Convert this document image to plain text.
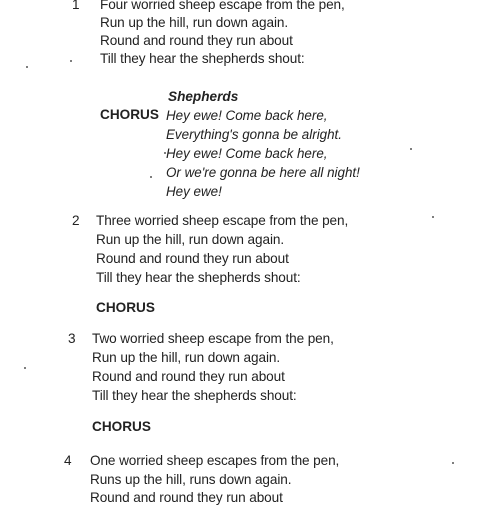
1 Four worried sheep escape from the pen,
Run up the hill, run down again.
Round and round they run about
Till they hear the shepherds shout:
Shepherds
CHORUS Hey ewe! Come back here,
Everything's gonna be alright.
Hey ewe! Come back here,
Or we're gonna be here all night!
Hey ewe!
2 Three worried sheep escape from the pen,
Run up the hill, run down again.
Round and round they run about
Till they hear the shepherds shout:
CHORUS
3 Two worried sheep escape from the pen,
Run up the hill, run down again.
Round and round they run about
Till they hear the shepherds shout:
CHORUS
4 One worried sheep escapes from the pen,
Runs up the hill, runs down again.
Round and round they run about
